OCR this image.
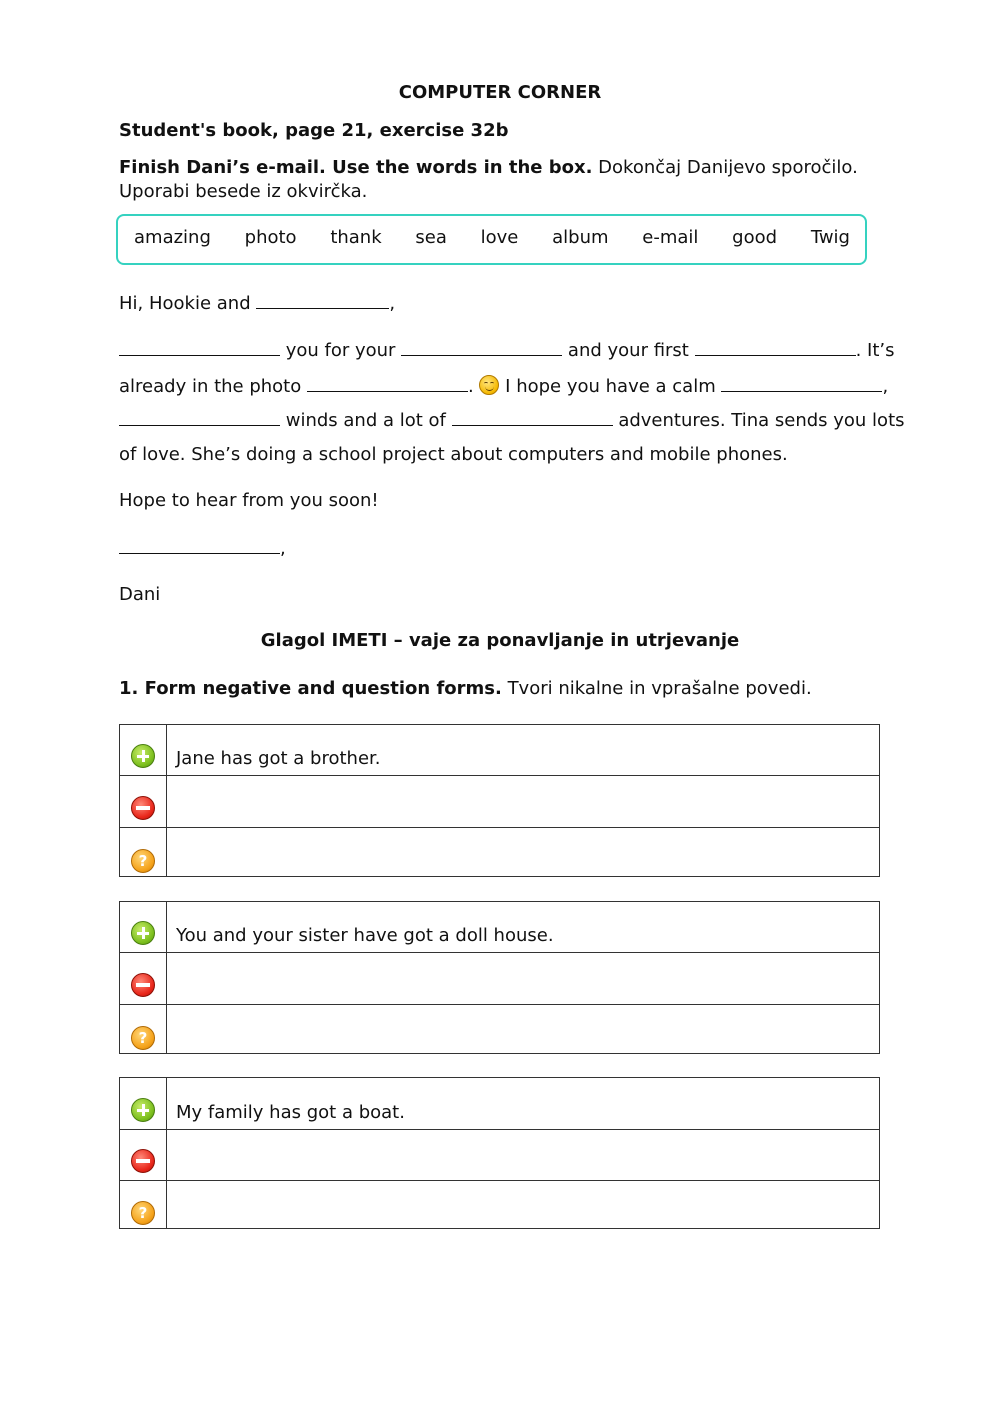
COMPUTER CORNER
Student's book, page 21, exercise 32b
Finish Dani’s e-mail. Use the words in the box. Dokončaj Danijevo sporočilo. Uporabi besede iz okvirčka.
amazing photo thank sea love album e-mail good Twig
Hi, Hookie and	,
you for your	and your first	. It’s
already in the photo	.
I hope you have a calm	,
winds and a lot of	adventures. Tina sends you lots
of love. She’s doing a school project about computers and mobile phones.
Hope to hear from you soon!
,
Dani
Glagol IMETI – vaje za ponavljanje in utrjevanje
1. Form negative and question forms. Tvori nikalne in vprašalne povedi.
	Jane has got a brother.

?	
	You and your sister have got a doll house.

?	
	My family has got a boat.

?	
